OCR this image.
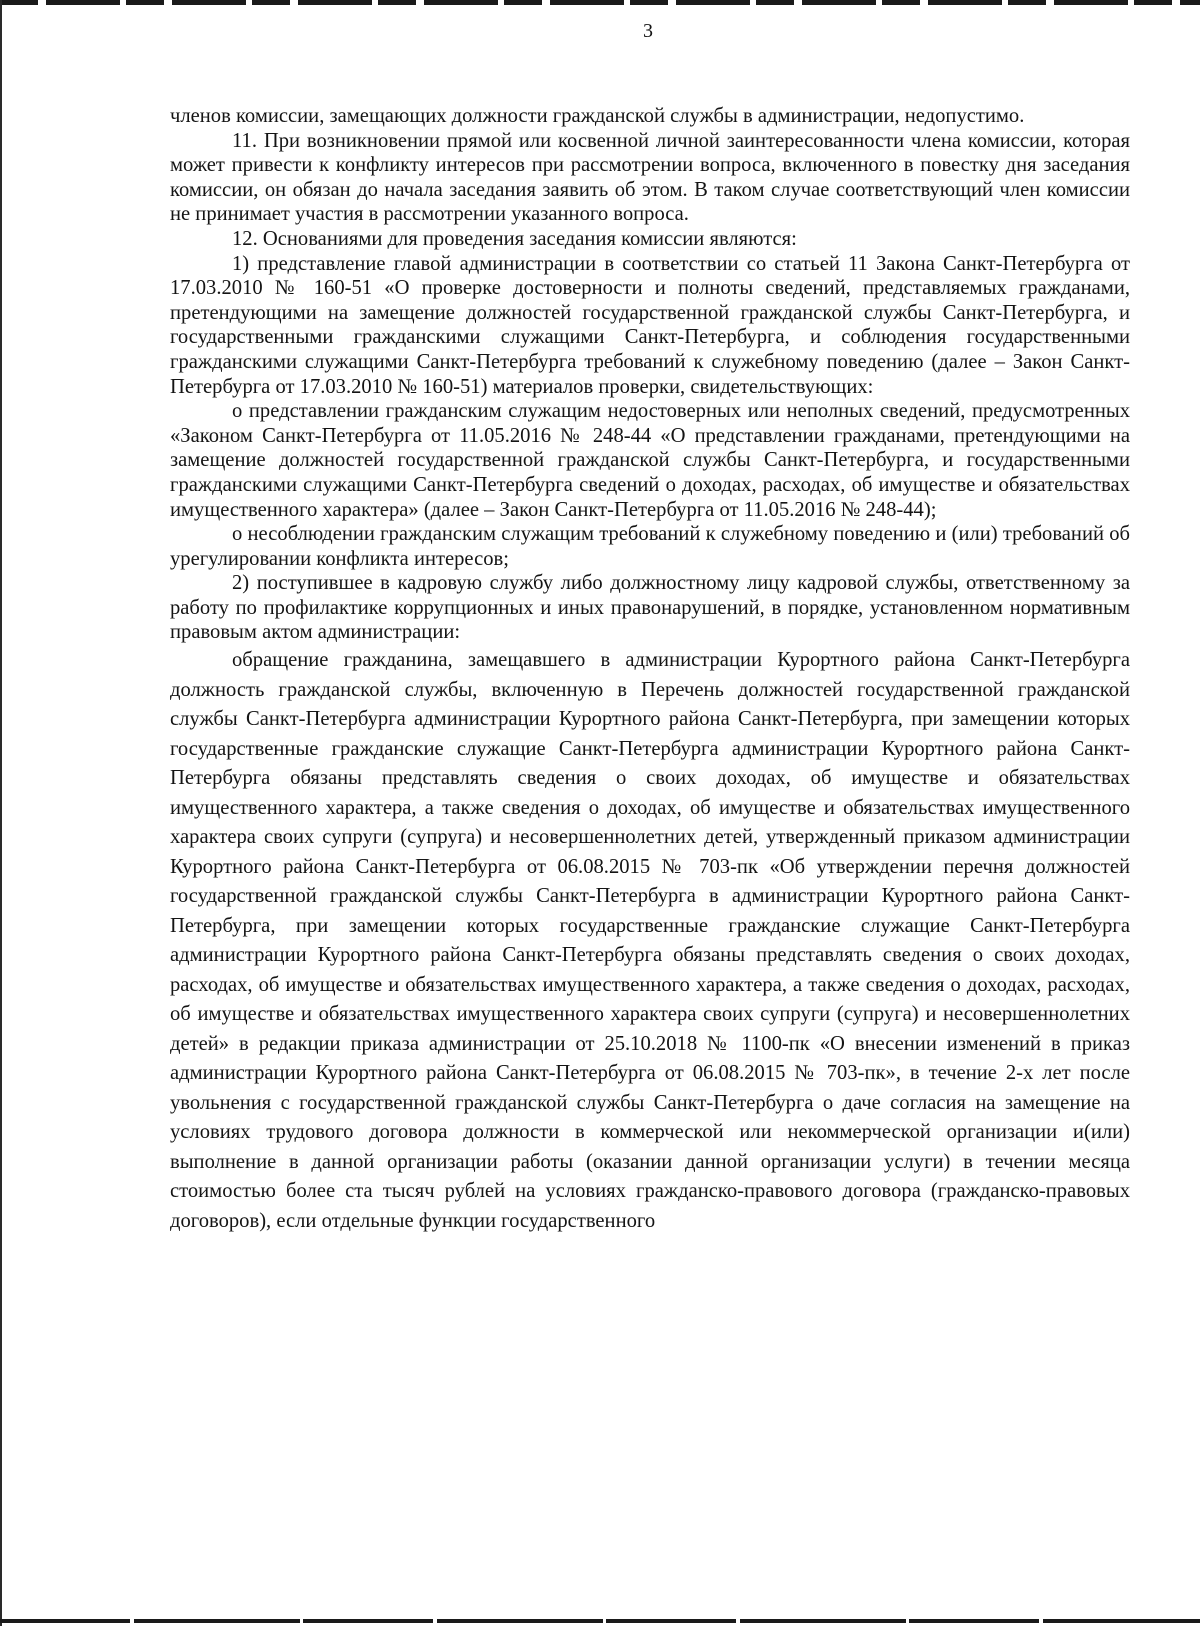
3

членов комиссии, замещающих должности гражданской службы в администрации, недопустимо.

11. При возникновении прямой или косвенной личной заинтересованности члена комиссии, которая может привести к конфликту интересов при рассмотрении вопроса, включенного в повестку дня заседания комиссии, он обязан до начала заседания заявить об этом. В таком случае соответствующий член комиссии не принимает участия в рассмотрении указанного вопроса.

12. Основаниями для проведения заседания комиссии являются:

1) представление главой администрации в соответствии со статьей 11 Закона Санкт-Петербурга от 17.03.2010 № 160-51 «О проверке достоверности и полноты сведений, представляемых гражданами, претендующими на замещение должностей государственной гражданской службы Санкт-Петербурга, и государственными гражданскими служащими Санкт-Петербурга, и соблюдения государственными гражданскими служащими Санкт-Петербурга требований к служебному поведению (далее – Закон Санкт-Петербурга от 17.03.2010 № 160-51) материалов проверки, свидетельствующих:

о представлении гражданским служащим недостоверных или неполных сведений, предусмотренных «Законом Санкт-Петербурга от 11.05.2016 № 248-44 «О представлении гражданами, претендующими на замещение должностей государственной гражданской службы Санкт-Петербурга, и государственными гражданскими служащими Санкт-Петербурга сведений о доходах, расходах, об имуществе и обязательствах имущественного характера» (далее – Закон Санкт-Петербурга от 11.05.2016 № 248-44);

о несоблюдении гражданским служащим требований к служебному поведению и (или) требований об урегулировании конфликта интересов;

2) поступившее в кадровую службу либо должностному лицу кадровой службы, ответственному за работу по профилактике коррупционных и иных правонарушений, в порядке, установленном нормативным правовым актом администрации:

обращение гражданина, замещавшего в администрации Курортного района Санкт-Петербурга должность гражданской службы, включенную в Перечень должностей государственной гражданской службы Санкт-Петербурга администрации Курортного района Санкт-Петербурга, при замещении которых государственные гражданские служащие Санкт-Петербурга администрации Курортного района Санкт-Петербурга обязаны представлять сведения о своих доходах, об имуществе и обязательствах имущественного характера, а также сведения о доходах, об имуществе и обязательствах имущественного характера своих супруги (супруга) и несовершеннолетних детей, утвержденный приказом администрации Курортного района Санкт-Петербурга от 06.08.2015 № 703-пк «Об утверждении перечня должностей государственной гражданской службы Санкт-Петербурга в администрации Курортного района Санкт-Петербурга, при замещении которых государственные гражданские служащие Санкт-Петербурга администрации Курортного района Санкт-Петербурга обязаны представлять сведения о своих доходах, расходах, об имуществе и обязательствах имущественного характера, а также сведения о доходах, расходах, об имуществе и обязательствах имущественного характера своих супруги (супруга) и несовершеннолетних детей» в редакции приказа администрации от 25.10.2018 № 1100-пк «О внесении изменений в приказ администрации Курортного района Санкт-Петербурга от 06.08.2015 № 703-пк», в течение 2-х лет после увольнения с государственной гражданской службы Санкт-Петербурга о даче согласия на замещение на условиях трудового договора должности в коммерческой или некоммерческой организации и(или) выполнение в данной организации работы (оказании данной организации услуги) в течении месяца стоимостью более ста тысяч рублей на условиях гражданско-правового договора (гражданско-правовых договоров), если отдельные функции государственного
